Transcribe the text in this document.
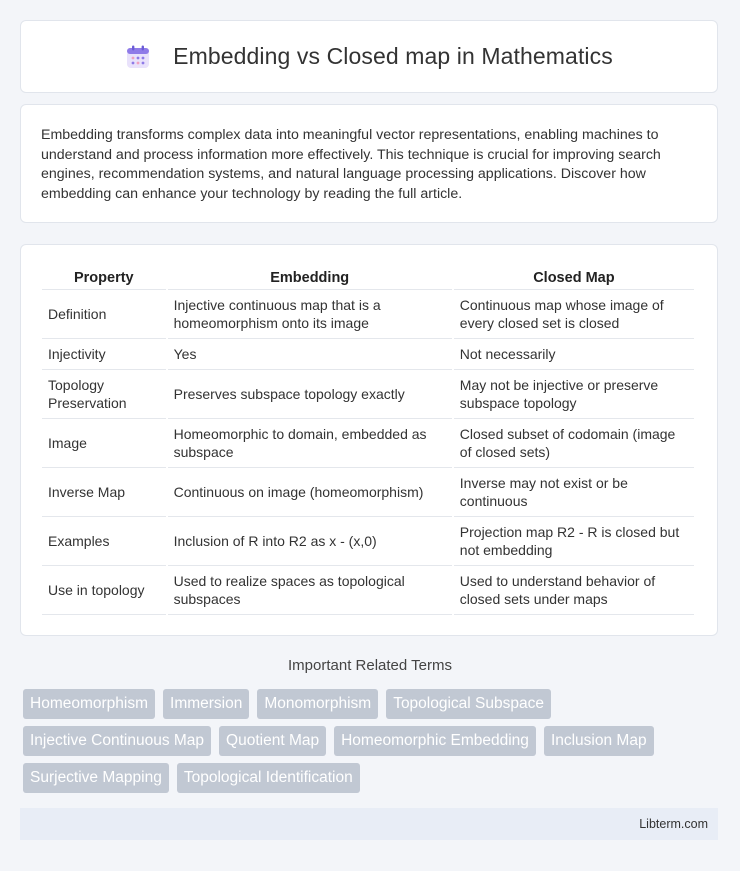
Embedding vs Closed map in Mathematics
Embedding transforms complex data into meaningful vector representations, enabling machines to understand and process information more effectively. This technique is crucial for improving search engines, recommendation systems, and natural language processing applications. Discover how embedding can enhance your technology by reading the full article.
Property	Embedding	Closed Map
Definition	Injective continuous map that is a homeomorphism onto its image	Continuous map whose image of every closed set is closed
Injectivity	Yes	Not necessarily
Topology Preservation	Preserves subspace topology exactly	May not be injective or preserve subspace topology
Image	Homeomorphic to domain, embedded as subspace	Closed subset of codomain (image of closed sets)
Inverse Map	Continuous on image (homeomorphism)	Inverse may not exist or be continuous
Examples	Inclusion of R into R2 as x - (x,0)	Projection map R2 - R is closed but not embedding
Use in topology	Used to realize spaces as topological subspaces	Used to understand behavior of closed sets under maps
Important Related Terms
Homeomorphism	Immersion	Monomorphism	Topological Subspace
Injective Continuous Map	Quotient Map	Homeomorphic Embedding	Inclusion Map
Surjective Mapping	Topological Identification
Libterm.com
